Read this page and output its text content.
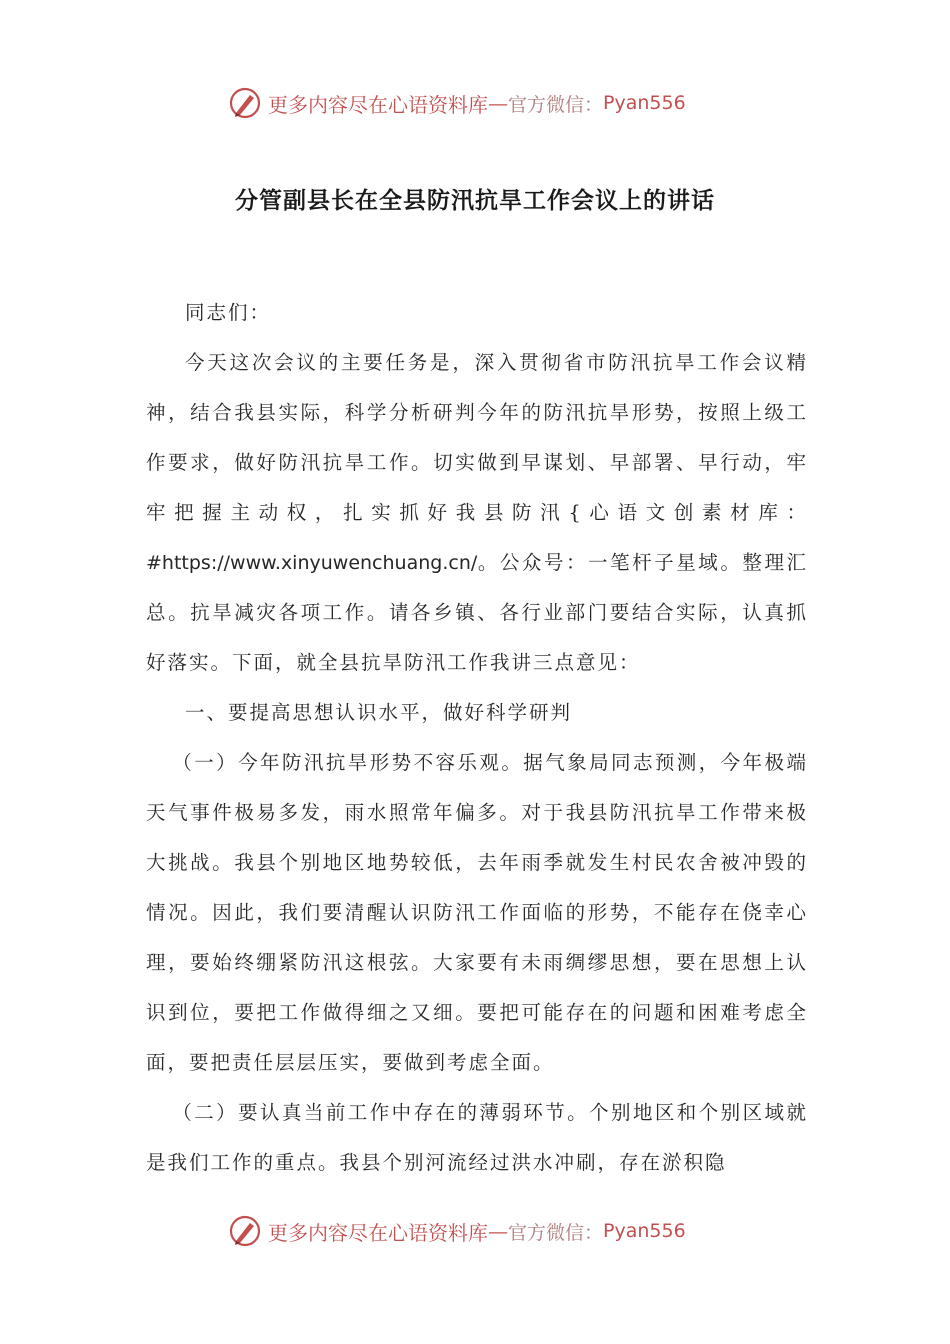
更多内容尽在心语资料库 — 官方微信： Pyan556
分管副县长在全县防汛抗旱工作会议上的讲话

同志们：

今天这次会议的主要任务是，深入贯彻省市防汛抗旱工作会议精神，结合我县实际，科学分析研判今年的防汛抗旱形势，按照上级工作要求，做好防汛抗旱工作。切实做到早谋划、早部署、早行动，牢牢把握主动权，扎实抓好我县防汛{心语文创素材库：#https://www.xinyuwenchuang.cn/。公众号：一笔杆子星域。整理汇总。抗旱减灾各项工作。请各乡镇、各行业部门要结合实际，认真抓好落实。下面，就全县抗旱防汛工作我讲三点意见：

一、要提高思想认识水平，做好科学研判

（一）今年防汛抗旱形势不容乐观。据气象局同志预测，今年极端天气事件极易多发，雨水照常年偏多。对于我县防汛抗旱工作带来极大挑战。我县个别地区地势较低，去年雨季就发生村民农舍被冲毁的情况。因此，我们要清醒认识防汛工作面临的形势，不能存在侥幸心理，要始终绷紧防汛这根弦。大家要有未雨绸缪思想，要在思想上认识到位，要把工作做得细之又细。要把可能存在的问题和困难考虑全面，要把责任层层压实，要做到考虑全面。

（二）要认真当前工作中存在的薄弱环节。个别地区和个别区域就是我们工作的重点。我县个别河流经过洪水冲刷，存在淤积隐

更多内容尽在心语资料库 — 官方微信： Pyan556
